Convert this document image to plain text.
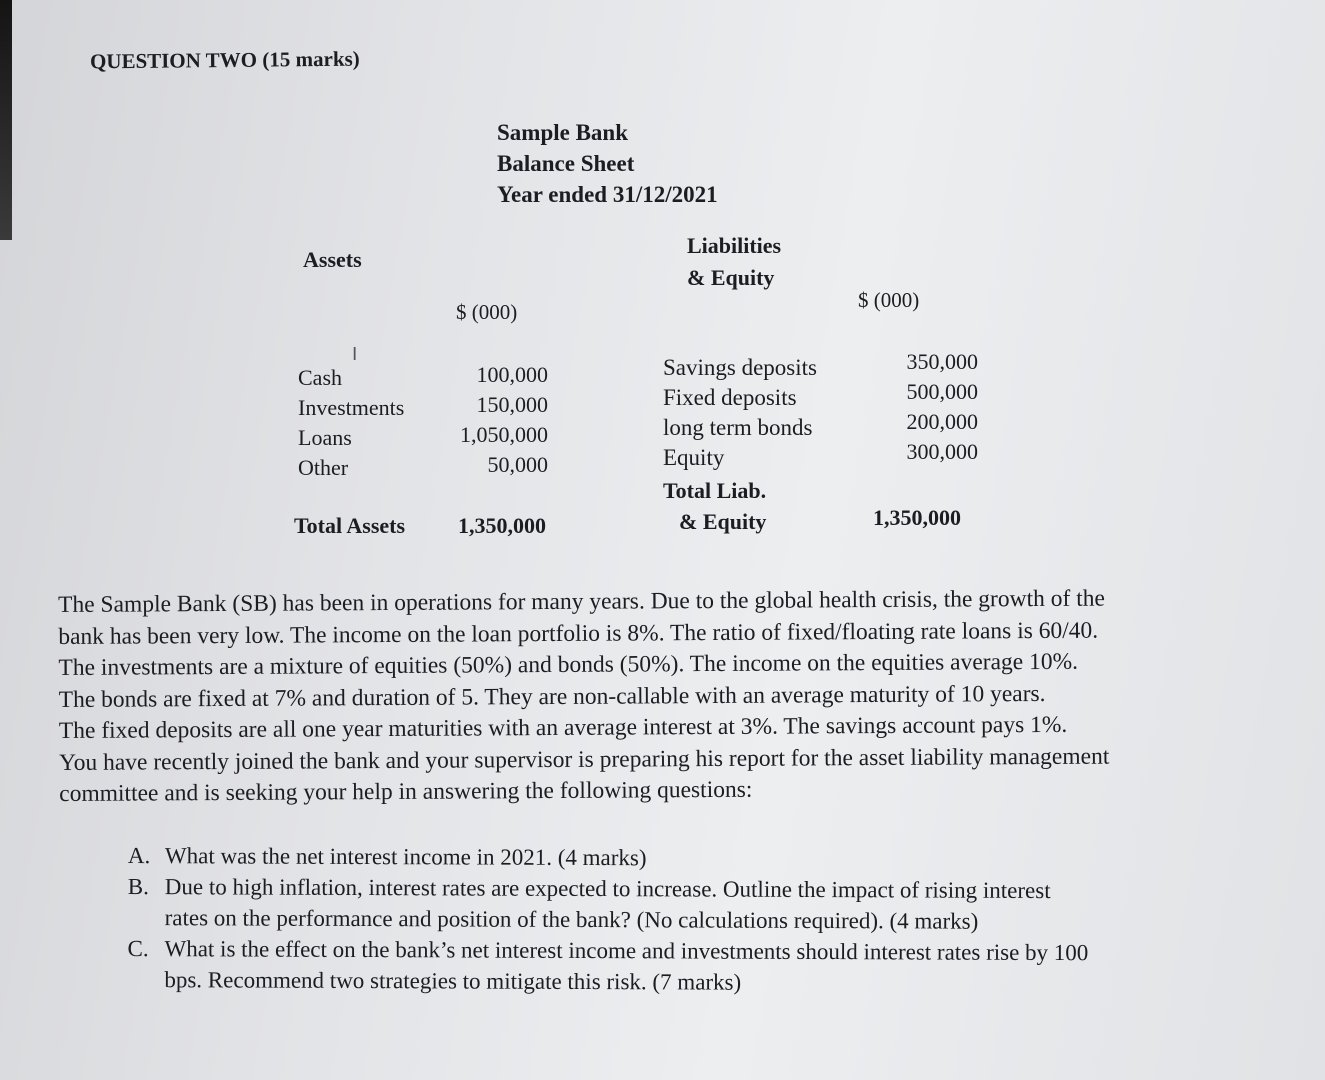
QUESTION TWO (15 marks)
Sample Bank
Balance Sheet
Year ended 31/12/2021
Assets
Liabilities
& Equity
$ (000)	$ (000)
I
Cash
Investments
Loans
Other
100,000
150,000
1,050,000
50,000
Savings deposits
Fixed deposits
long term bonds
Equity
350,000
500,000
200,000
300,000
Total Assets 1,350,000
Total Liab.
& Equity	1,350,000
The Sample Bank (SB) has been in operations for many years. Due to the global health crisis, the growth of the
bank has been very low. The income on the loan portfolio is 8%. The ratio of fixed/floating rate loans is 60/40.
The investments are a mixture of equities (50%) and bonds (50%). The income on the equities average 10%.
The bonds are fixed at 7% and duration of 5. They are non-callable with an average maturity of 10 years.
The fixed deposits are all one year maturities with an average interest at 3%. The savings account pays 1%.
You have recently joined the bank and your supervisor is preparing his report for the asset liability management
committee and is seeking your help in answering the following questions:
A. What was the net interest income in 2021. (4 marks)
B. Due to high inflation, interest rates are expected to increase. Outline the impact of rising interest
rates on the performance and position of the bank? (No calculations required). (4 marks)
C. What is the effect on the bank’s net interest income and investments should interest rates rise by 100
bps. Recommend two strategies to mitigate this risk. (7 marks)
